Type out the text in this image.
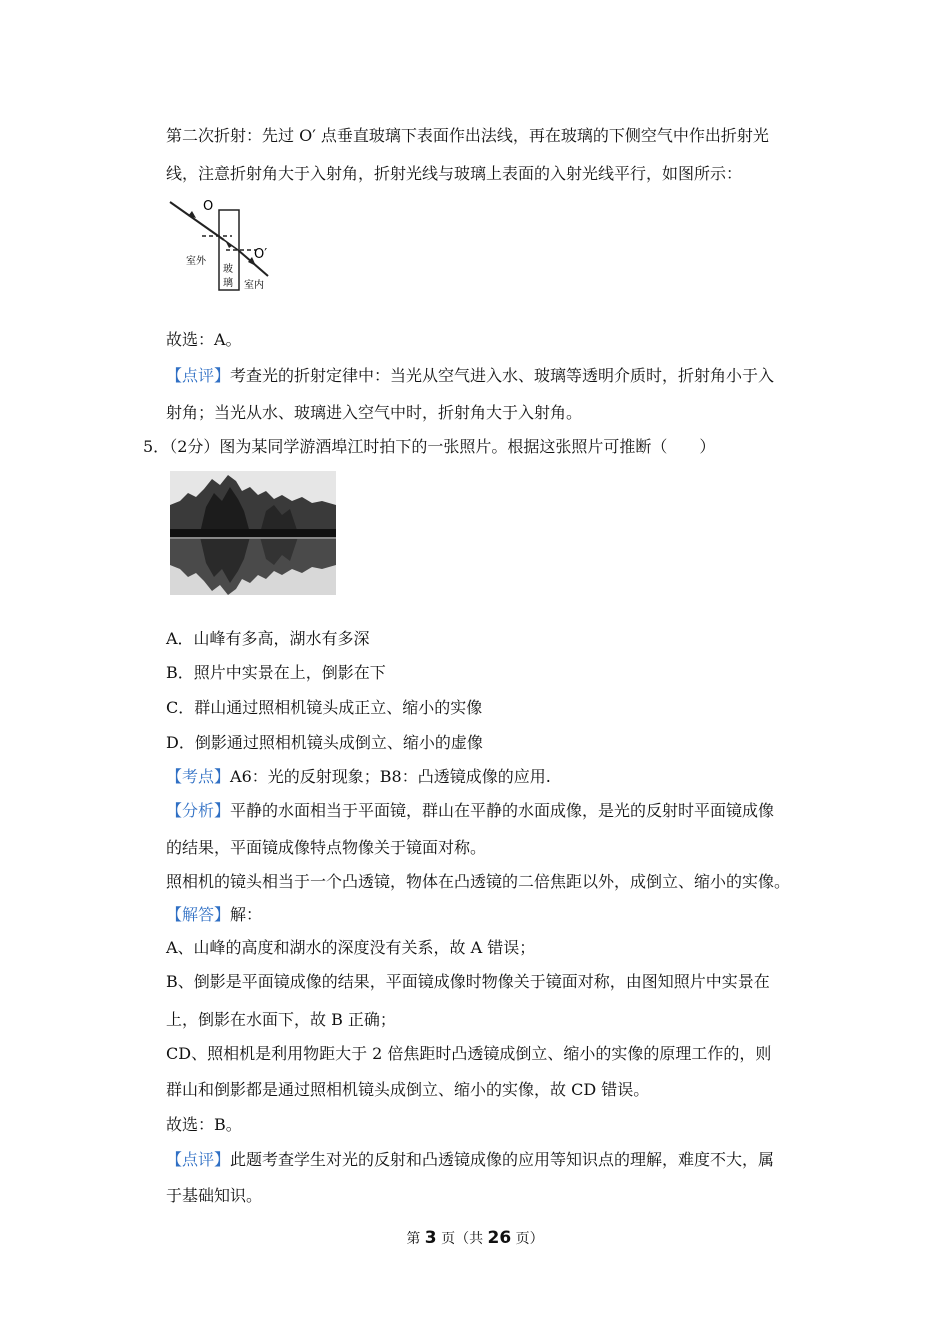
第二次折射：先过 O′ 点垂直玻璃下表面作出法线，再在玻璃的下侧空气中作出折射光
线，注意折射角大于入射角，折射光线与玻璃上表面的入射光线平行，如图所示：
O
O′
室外
玻
璃 室内
故选：A。
【点评】考查光的折射定律中：当光从空气进入水、玻璃等透明介质时，折射角小于入
射角；当光从水、玻璃进入空气中时，折射角大于入射角。
5．（2分）图为某同学游酒埠江时拍下的一张照片。根据这张照片可推断（　　）
A．山峰有多高，湖水有多深
B．照片中实景在上，倒影在下
C．群山通过照相机镜头成正立、缩小的实像
D．倒影通过照相机镜头成倒立、缩小的虚像
【考点】A6：光的反射现象；B8：凸透镜成像的应用.
【分析】平静的水面相当于平面镜，群山在平静的水面成像，是光的反射时平面镜成像
的结果，平面镜成像特点物像关于镜面对称。
照相机的镜头相当于一个凸透镜，物体在凸透镜的二倍焦距以外，成倒立、缩小的实像。
【解答】解：
A、山峰的高度和湖水的深度没有关系，故 A 错误；
B、倒影是平面镜成像的结果，平面镜成像时物像关于镜面对称，由图知照片中实景在
上，倒影在水面下，故 B 正确；
CD、照相机是利用物距大于 2 倍焦距时凸透镜成倒立、缩小的实像的原理工作的，则
群山和倒影都是通过照相机镜头成倒立、缩小的实像，故 CD 错误。
故选：B。
【点评】此题考查学生对光的反射和凸透镜成像的应用等知识点的理解，难度不大，属
于基础知识。
第 3 页（共 26 页）
